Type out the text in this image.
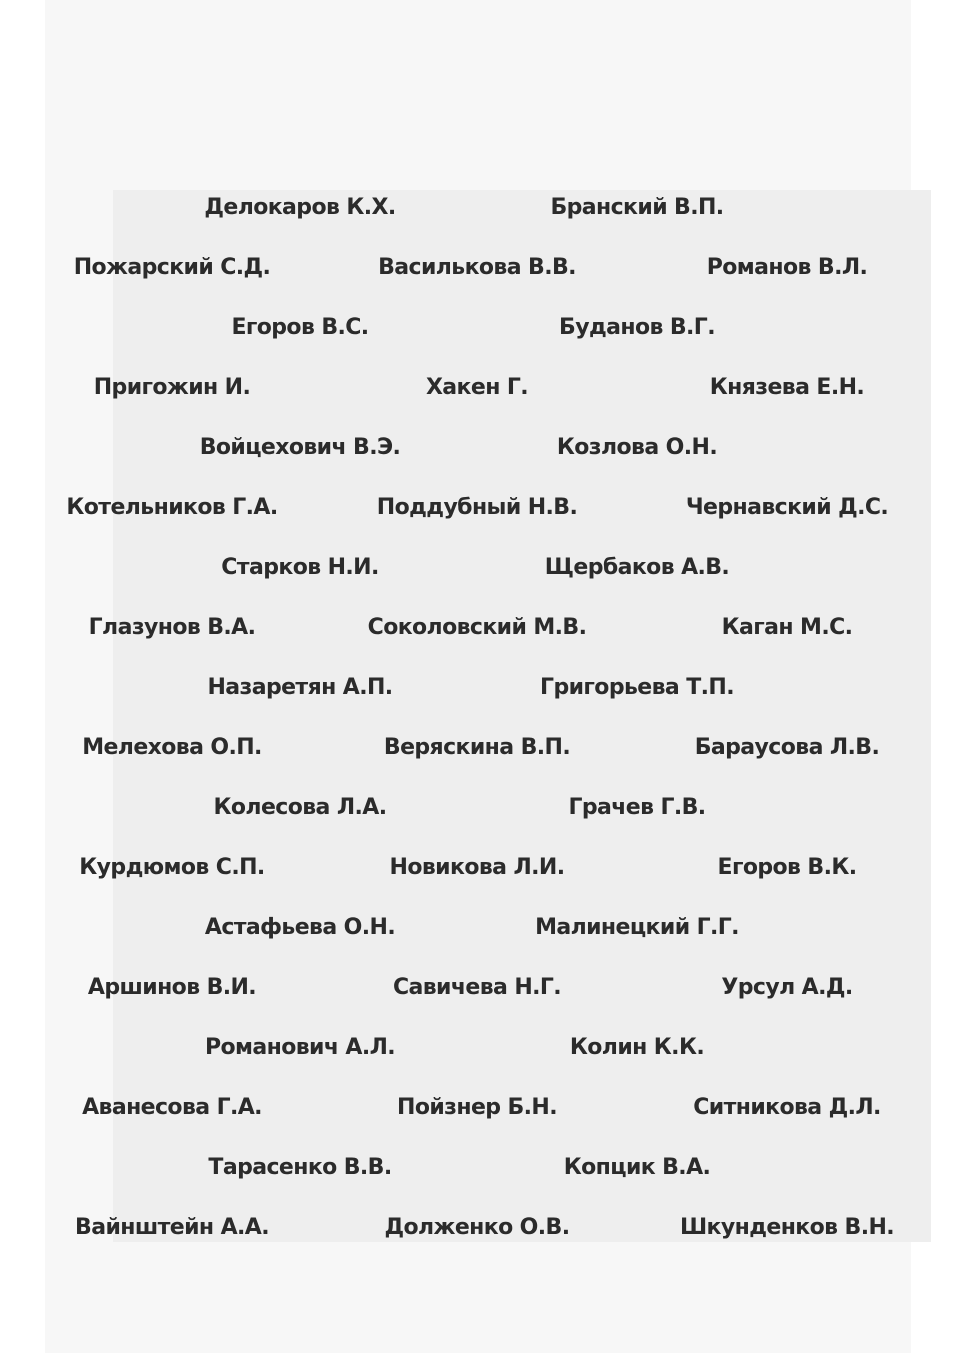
Делокаров К.Х.	Бранский В.П.
Пожарский С.Д.	Василькова В.В.	Романов В.Л.
Егоров В.С.	Буданов В.Г.
Пригожин И.	Хакен Г.	Князева Е.Н.
Войцехович В.Э.	Козлова О.Н.
Котельников Г.А.	Поддубный Н.В.	Чернавский Д.С.
Старков Н.И.	Щербаков А.В.
Глазунов В.А.	Соколовский М.В.	Каган М.С.
Назаретян А.П.	Григорьева Т.П.
Мелехова О.П.	Веряскина В.П.	Бараусова Л.В.
Колесова Л.А.	Грачев Г.В.
Курдюмов С.П.	Новикова Л.И.	Егоров В.К.
Астафьева О.Н.	Малинецкий Г.Г.
Аршинов В.И.	Савичева Н.Г.	Урсул А.Д.
Романович А.Л.	Колин К.К.
Аванесова Г.А.	Пойзнер Б.Н.	Ситникова Д.Л.
Тарасенко В.В.	Копцик В.А.
Вайнштейн А.А.	Долженко О.В.	Шкунденков В.Н.
